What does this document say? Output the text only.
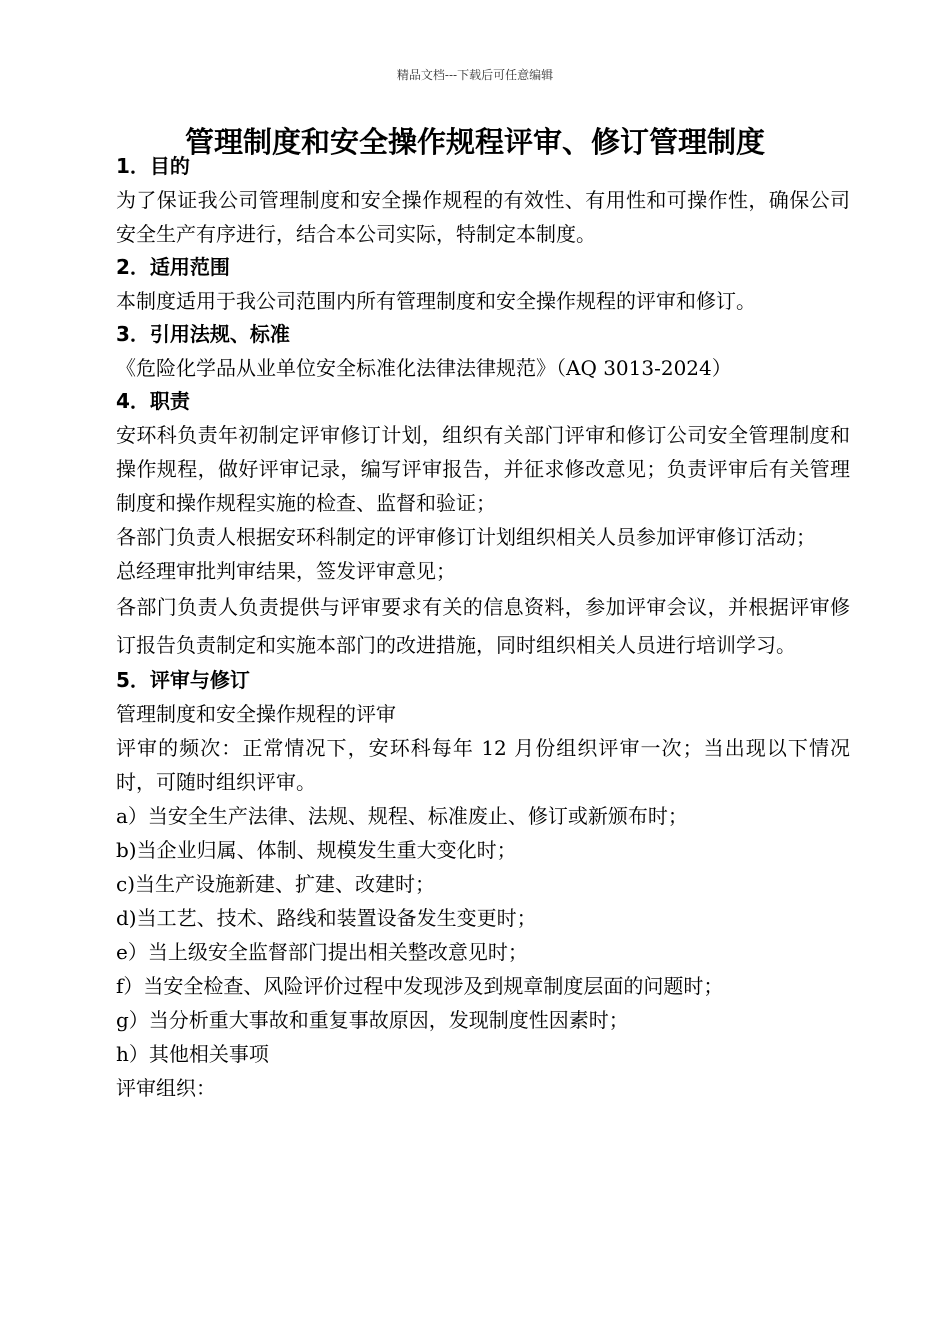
精品文档---下载后可任意编辑
管理制度和安全操作规程评审、修订管理制度
1．目的
为了保证我公司管理制度和安全操作规程的有效性、有用性和可操作性，确保公司安全生产有序进行，结合本公司实际，特制定本制度。
2．适用范围
本制度适用于我公司范围内所有管理制度和安全操作规程的评审和修订。
3．引用法规、标准
《危险化学品从业单位安全标准化法律法律规范》（AQ 3013-2024）
4．职责
安环科负责年初制定评审修订计划，组织有关部门评审和修订公司安全管理制度和操作规程，做好评审记录，编写评审报告，并征求修改意见；负责评审后有关管理制度和操作规程实施的检查、监督和验证；
各部门负责人根据安环科制定的评审修订计划组织相关人员参加评审修订活动；
总经理审批判审结果，签发评审意见；
各部门负责人负责提供与评审要求有关的信息资料，参加评审会议，并根据评审修订报告负责制定和实施本部门的改进措施，同时组织相关人员进行培训学习。
5．评审与修订
管理制度和安全操作规程的评审
评审的频次：正常情况下，安环科每年 12 月份组织评审一次；当出现以下情况时，可随时组织评审。
a）当安全生产法律、法规、规程、标准废止、修订或新颁布时；
b)当企业归属、体制、规模发生重大变化时；
c)当生产设施新建、扩建、改建时；
d)当工艺、技术、路线和装置设备发生变更时；
e）当上级安全监督部门提出相关整改意见时；
f）当安全检查、风险评价过程中发现涉及到规章制度层面的问题时；
g）当分析重大事故和重复事故原因，发现制度性因素时；
h）其他相关事项
评审组织：
